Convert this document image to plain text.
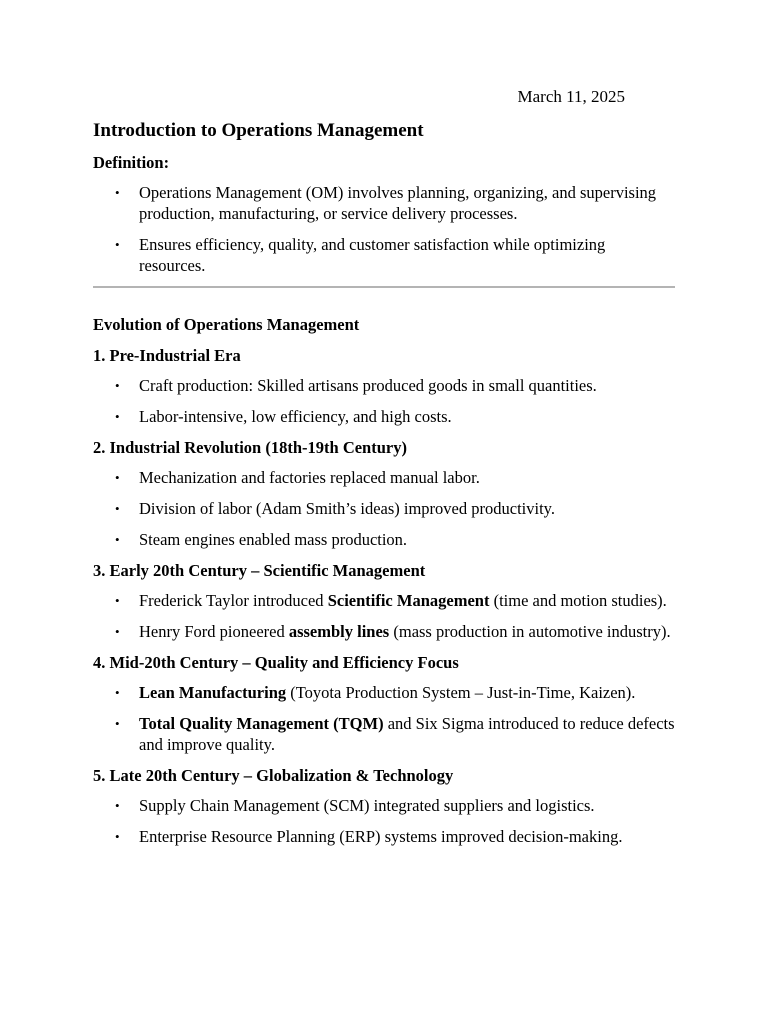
March 11, 2025
Introduction to Operations Management
Definition:
•	Operations Management (OM) involves planning, organizing, and supervising production, manufacturing, or service delivery processes.
•	Ensures efficiency, quality, and customer satisfaction while optimizing resources.
Evolution of Operations Management
1. Pre-Industrial Era
•	Craft production: Skilled artisans produced goods in small quantities.
•	Labor-intensive, low efficiency, and high costs.
2. Industrial Revolution (18th-19th Century)
•	Mechanization and factories replaced manual labor.
•	Division of labor (Adam Smith’s ideas) improved productivity.
•	Steam engines enabled mass production.
3. Early 20th Century – Scientific Management
•	Frederick Taylor introduced Scientific Management (time and motion studies).
•	Henry Ford pioneered assembly lines (mass production in automotive industry).
4. Mid-20th Century – Quality and Efficiency Focus
•	Lean Manufacturing (Toyota Production System – Just-in-Time, Kaizen).
•	Total Quality Management (TQM) and Six Sigma introduced to reduce defects and improve quality.
5. Late 20th Century – Globalization & Technology
•	Supply Chain Management (SCM) integrated suppliers and logistics.
•	Enterprise Resource Planning (ERP) systems improved decision-making.
